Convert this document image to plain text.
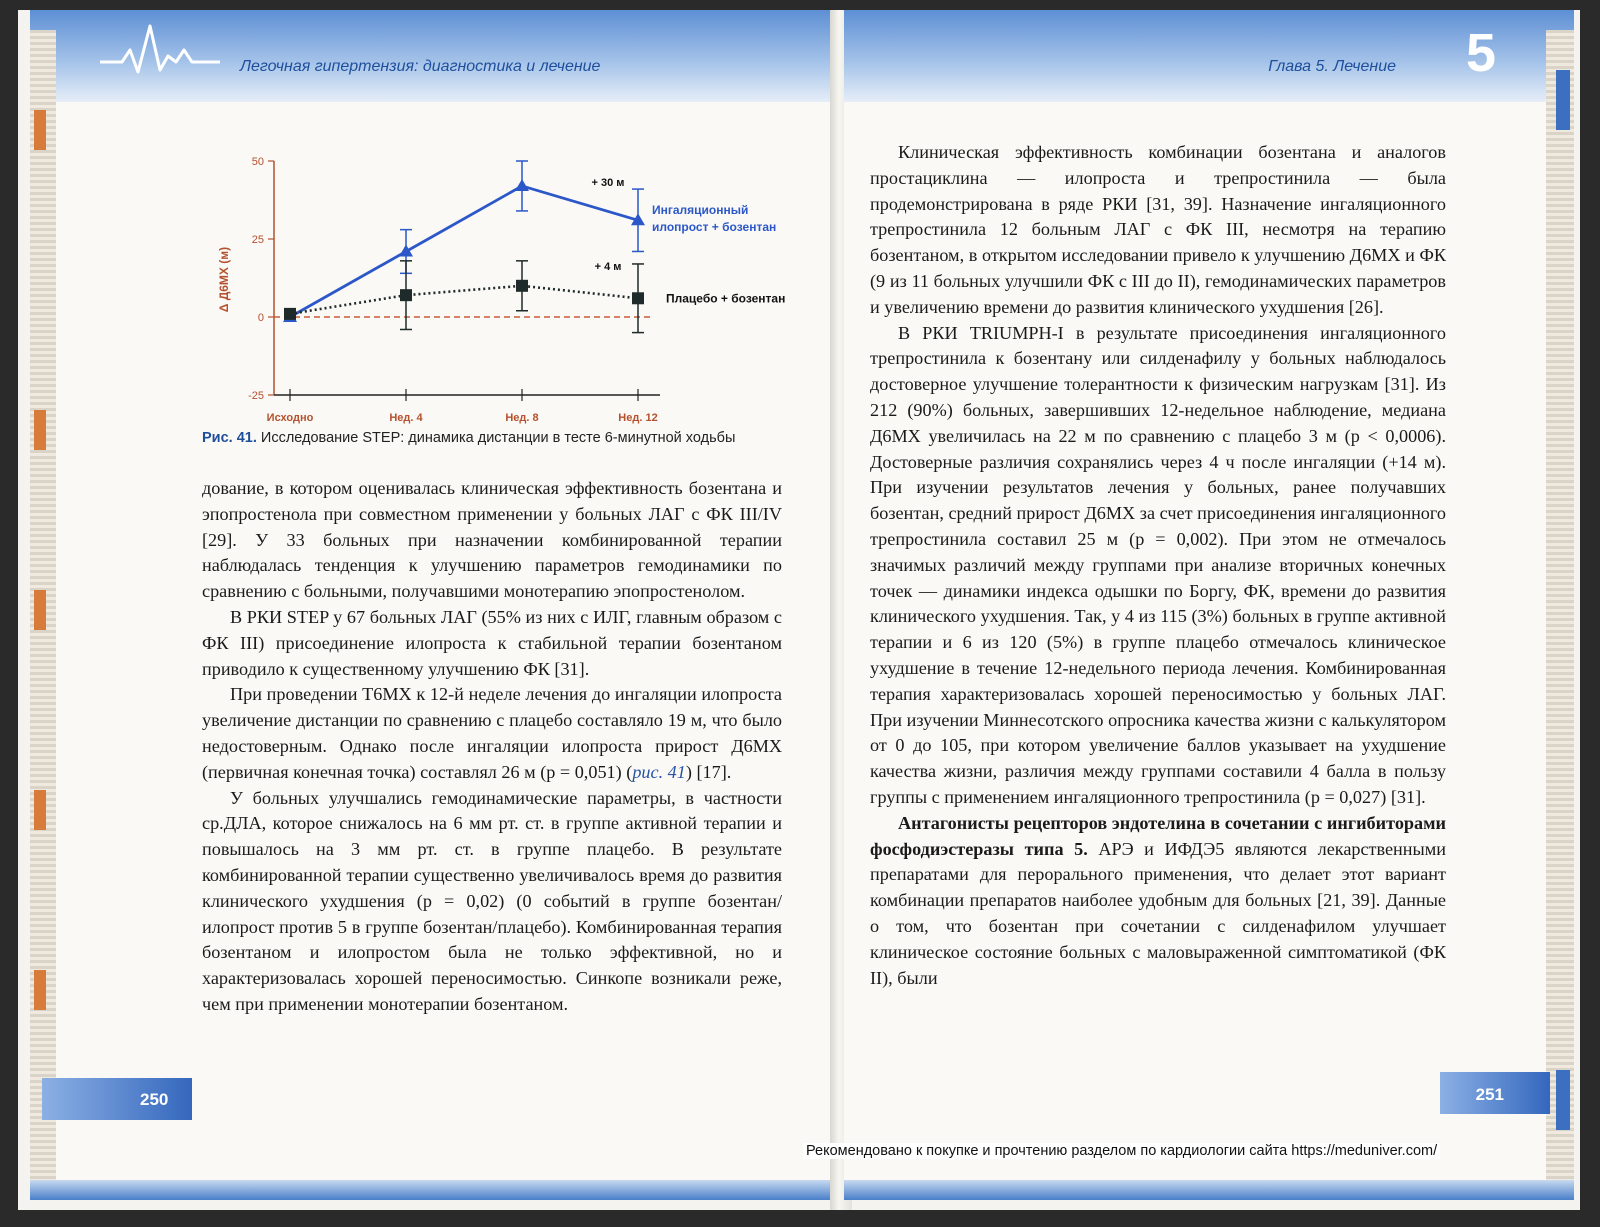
Легочная гипертензия: диагностика и лечение
50
25
0
-25
Δ Д6МХ (м)
Исходно	Нед. 4	Нед. 8	Нед. 12
+ 30 м
+ 4 м
Ингаляционный
илопрост + бозентан
Плацебо + бозентан
Рис. 41. Исследование STEP: динамика дистанции в тесте 6-минутной ходьбы

дование, в котором оценивалась клиническая эффективность бозентана и эпопростенола при совместном применении у больных ЛАГ с ФК III/IV [29]. У 33 больных при назначении комбинированной терапии наблюдалась тенденция к улучшению параметров гемодинамики по сравнению с больными, получавшими монотерапию эпопростенолом.

В РКИ STEP у 67 больных ЛАГ (55% из них с ИЛГ, главным образом с ФК III) присоединение илопроста к стабильной терапии бозентаном приводило к существенному улучшению ФК [31].

При проведении Т6МХ к 12-й неделе лечения до ингаляции илопроста увеличение дистанции по сравнению с плацебо составляло 19 м, что было недостоверным. Однако после ингаляции илопроста прирост Д6МХ (первичная конечная точка) составлял 26 м (p = 0,051) (рис. 41) [17].

У больных улучшались гемодинамические параметры, в частности ср.ДЛА, которое снижалось на 6 мм рт. ст. в группе активной терапии и повышалось на 3 мм рт. ст. в группе плацебо. В результате комбинированной терапии существенно увеличивалось время до развития клинического ухудшения (p = 0,02) (0 событий в группе бозентан/илопрост против 5 в группе бозентан/плацебо). Комбинированная терапия бозентаном и илопростом была не только эффективной, но и характеризовалась хорошей переносимостью. Синкопе возникали реже, чем при применении монотерапии бозентаном.

250
Глава 5. Лечение 5

Клиническая эффективность комбинации бозентана и аналогов простациклина — илопроста и трепростинила — была продемонстрирована в ряде РКИ [31, 39]. Назначение ингаляционного трепростинила 12 больным ЛАГ с ФК III, несмотря на терапию бозентаном, в открытом исследовании привело к улучшению Д6МХ и ФК (9 из 11 больных улучшили ФК с III до II), гемодинамических параметров и увеличению времени до развития клинического ухудшения [26].

В РКИ TRIUMPH-I в результате присоединения ингаляционного трепростинила к бозентану или силденафилу у больных наблюдалось достоверное улучшение толерантности к физическим нагрузкам [31]. Из 212 (90%) больных, завершивших 12-недельное наблюдение, медиана Д6МХ увеличилась на 22 м по сравнению с плацебо 3 м (p < 0,0006). Достоверные различия сохранялись через 4 ч после ингаляции (+14 м). При изучении результатов лечения у больных, ранее получавших бозентан, средний прирост Д6МХ за счет присоединения ингаляционного трепростинила составил 25 м (p = 0,002). При этом не отмечалось значимых различий между группами при анализе вторичных конечных точек — динамики индекса одышки по Боргу, ФК, времени до развития клинического ухудшения. Так, у 4 из 115 (3%) больных в группе активной терапии и 6 из 120 (5%) в группе плацебо отмечалось клиническое ухудшение в течение 12-недельного периода лечения. Комбинированная терапия характеризовалась хорошей переносимостью у больных ЛАГ. При изучении Миннесотского опросника качества жизни с калькулятором от 0 до 105, при котором увеличение баллов указывает на ухудшение качества жизни, различия между группами составили 4 балла в пользу группы с применением ингаляционного трепростинила (p = 0,027) [31].

Антагонисты рецепторов эндотелина в сочетании с ингибиторами фосфодиэстеразы типа 5. АРЭ и ИФДЭ5 являются лекарственными препаратами для перорального применения, что делает этот вариант комбинации препаратов наиболее удобным для больных [21, 39]. Данные о том, что бозентан при сочетании с силденафилом улучшает клиническое состояние больных с маловыраженной симптоматикой (ФК II), были

251
Рекомендовано к покупке и прочтению разделом по кардиологии сайта https://meduniver.com/
